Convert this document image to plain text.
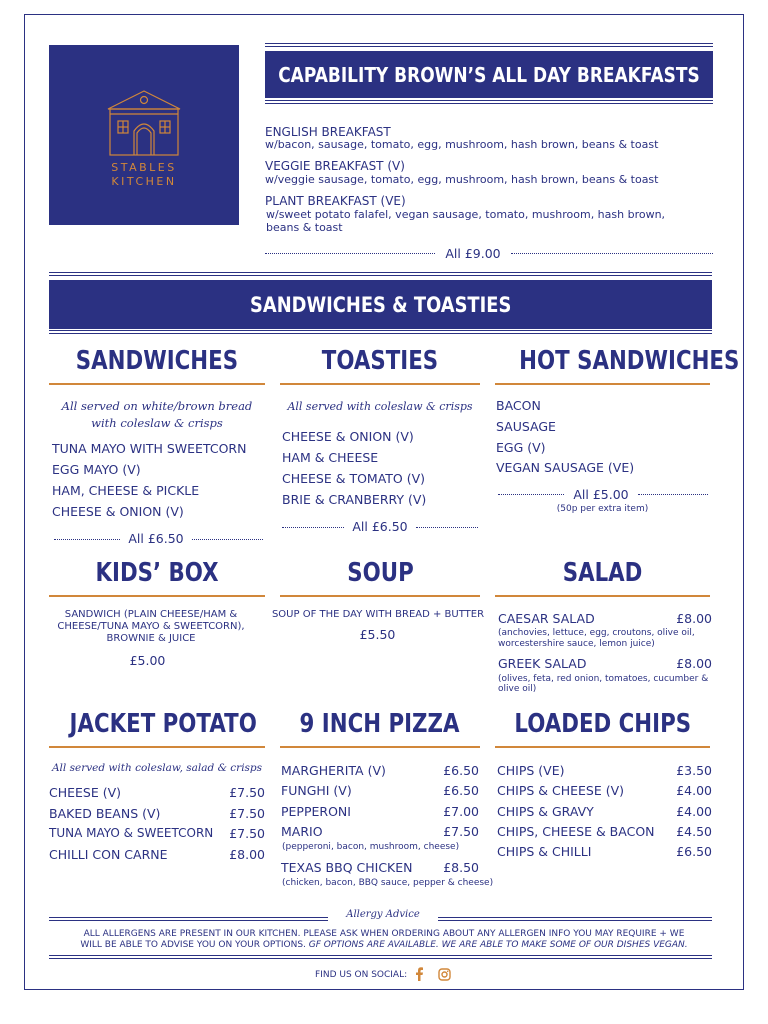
STABLES
KITCHEN
CAPABILITY BROWN’S ALL DAY BREAKFASTS
ENGLISH BREAKFAST
w/bacon, sausage, tomato, egg, mushroom, hash brown, beans & toast
VEGGIE BREAKFAST (V)
w/veggie sausage, tomato, egg, mushroom, hash brown, beans & toast
PLANT BREAKFAST (VE)
w/sweet potato falafel, vegan sausage, tomato, mushroom, hash brown,
beans & toast
All £9.00
SANDWICHES & TOASTIES
SANDWICHES
All served on white/brown bread
with coleslaw & crisps
TUNA MAYO WITH SWEETCORN
EGG MAYO (V)
HAM, CHEESE & PICKLE
CHEESE & ONION (V)
All £6.50
TOASTIES
All served with coleslaw & crisps
CHEESE & ONION (V)
HAM & CHEESE
CHEESE & TOMATO (V)
BRIE & CRANBERRY (V)
All £6.50
HOT SANDWICHES
BACON
SAUSAGE
EGG (V)
VEGAN SAUSAGE (VE)
All £5.00
(50p per extra item)
KIDS’ BOX
SANDWICH (PLAIN CHEESE/HAM &
CHEESE/TUNA MAYO & SWEETCORN),
BROWNIE & JUICE
£5.00
SOUP
SOUP OF THE DAY WITH BREAD + BUTTER
£5.50
SALAD
CAESAR SALAD	£8.00
(anchovies, lettuce, egg, croutons, olive oil,
worcestershire sauce, lemon juice)
GREEK SALAD	£8.00
(olives, feta, red onion, tomatoes, cucumber &
olive oil)
JACKET POTATO
All served with coleslaw, salad & crisps
CHEESE (V)	£7.50
BAKED BEANS (V)	£7.50
TUNA MAYO & SWEETCORN	£7.50
CHILLI CON CARNE	£8.00
9 INCH PIZZA
MARGHERITA (V)	£6.50
FUNGHI (V)	£6.50
PEPPERONI	£7.00
MARIO	£7.50
(pepperoni, bacon, mushroom, cheese)
TEXAS BBQ CHICKEN	£8.50
(chicken, bacon, BBQ sauce, pepper & cheese)
LOADED CHIPS
CHIPS (VE)	£3.50
CHIPS & CHEESE (V)	£4.00
CHIPS & GRAVY	£4.00
CHIPS, CHEESE & BACON	£4.50
CHIPS & CHILLI	£6.50
Allergy Advice
ALL ALLERGENS ARE PRESENT IN OUR KITCHEN. PLEASE ASK WHEN ORDERING ABOUT ANY ALLERGEN INFO YOU MAY REQUIRE + WE
WILL BE ABLE TO ADVISE YOU ON YOUR OPTIONS. GF OPTIONS ARE AVAILABLE. WE ARE ABLE TO MAKE SOME OF OUR DISHES VEGAN.
FIND US ON SOCIAL:
